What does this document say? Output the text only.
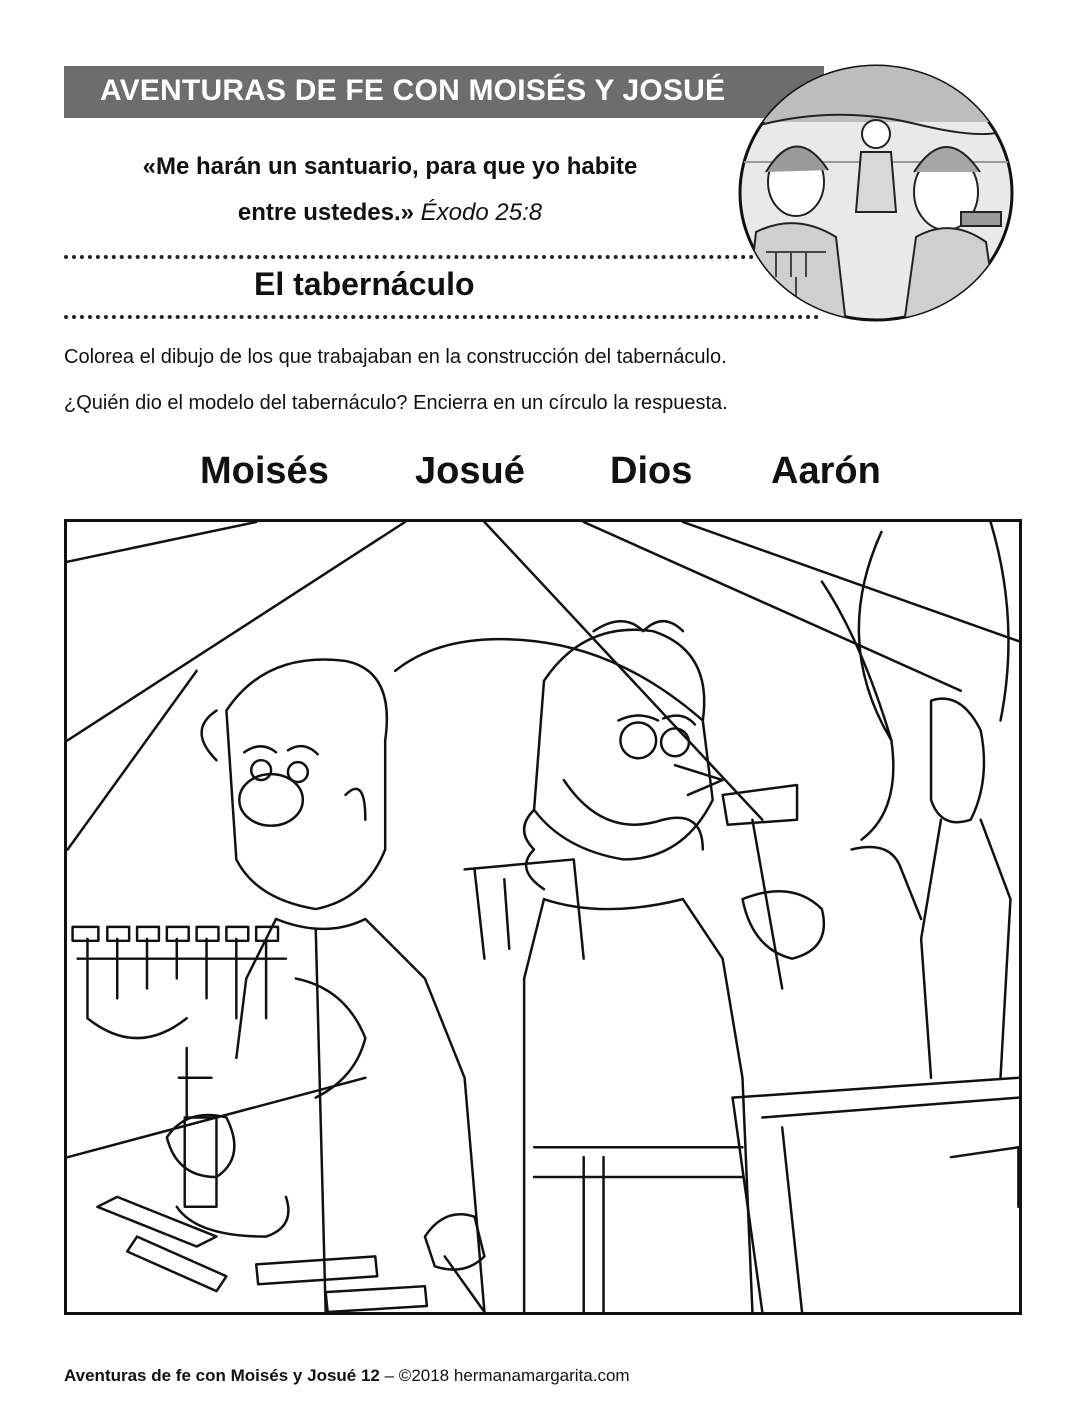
AVENTURAS DE FE CON MOISÉS Y JOSUÉ
«Me harán un santuario, para que yo habite
entre ustedes.» Éxodo 25:8
El tabernáculo
Colorea el dibujo de los que trabajaban en la construcción del tabernáculo.
¿Quién dio el modelo del tabernáculo? Encierra en un círculo la respuesta.
Moisés Josué Dios Aarón
Aventuras de fe con Moisés y Josué 12 – ©2018 hermanamargarita.com
